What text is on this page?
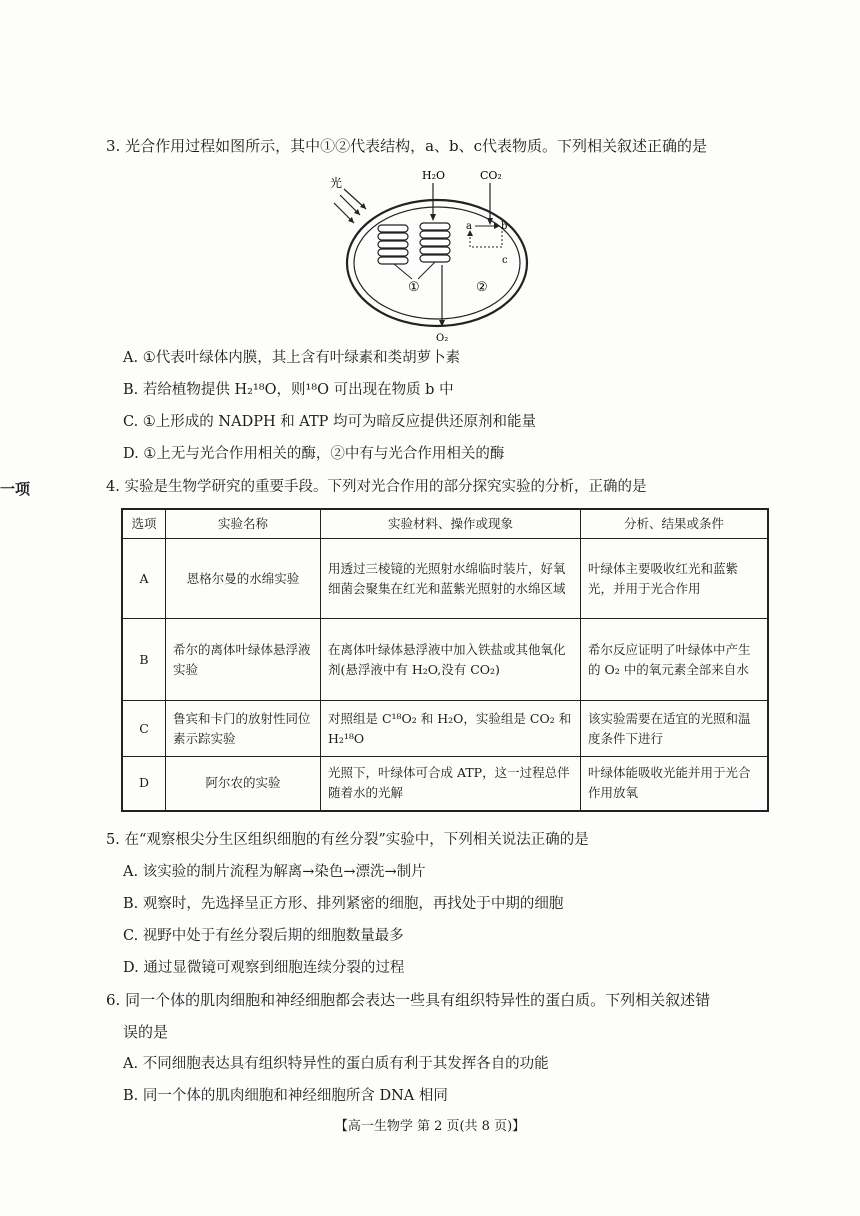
3. 光合作用过程如图所示，其中①②代表结构，a、b、c代表物质。下列相关叙述正确的是
光
①	②
H₂O	CO₂
a	b
c
O₂
A. ①代表叶绿体内膜，其上含有叶绿素和类胡萝卜素
B. 若给植物提供 H₂¹⁸O，则¹⁸O 可出现在物质 b 中
C. ①上形成的 NADPH 和 ATP 均可为暗反应提供还原剂和能量
D. ①上无与光合作用相关的酶，②中有与光合作用相关的酶
一项	4. 实验是生物学研究的重要手段。下列对光合作用的部分探究实验的分析，正确的是
选项	实验名称	实验材料、操作或现象	分析、结果或条件
A	恩格尔曼的水绵实验	用透过三棱镜的光照射水绵临时装片，好氧细菌会聚集在红光和蓝紫光照射的水绵区域	叶绿体主要吸收红光和蓝紫光，并用于光合作用
B	希尔的离体叶绿体悬浮液实验	在离体叶绿体悬浮液中加入铁盐或其他氧化剂(悬浮液中有 H₂O,没有 CO₂)	希尔反应证明了叶绿体中产生的 O₂ 中的氧元素全部来自水
C	鲁宾和卡门的放射性同位素示踪实验	对照组是 C¹⁸O₂ 和 H₂O，实验组是 CO₂ 和 H₂¹⁸O	该实验需要在适宜的光照和温度条件下进行
D	阿尔农的实验	光照下，叶绿体可合成 ATP，这一过程总伴随着水的光解	叶绿体能吸收光能并用于光合作用放氧
5. 在“观察根尖分生区组织细胞的有丝分裂”实验中，下列相关说法正确的是
A. 该实验的制片流程为解离→染色→漂洗→制片
B. 观察时，先选择呈正方形、排列紧密的细胞，再找处于中期的细胞
C. 视野中处于有丝分裂后期的细胞数量最多
D. 通过显微镜可观察到细胞连续分裂的过程
6. 同一个体的肌肉细胞和神经细胞都会表达一些具有组织特异性的蛋白质。下列相关叙述错
误的是
A. 不同细胞表达具有组织特异性的蛋白质有利于其发挥各自的功能
B. 同一个体的肌肉细胞和神经细胞所含 DNA 相同
【高一生物学 第 2 页(共 8 页)】
